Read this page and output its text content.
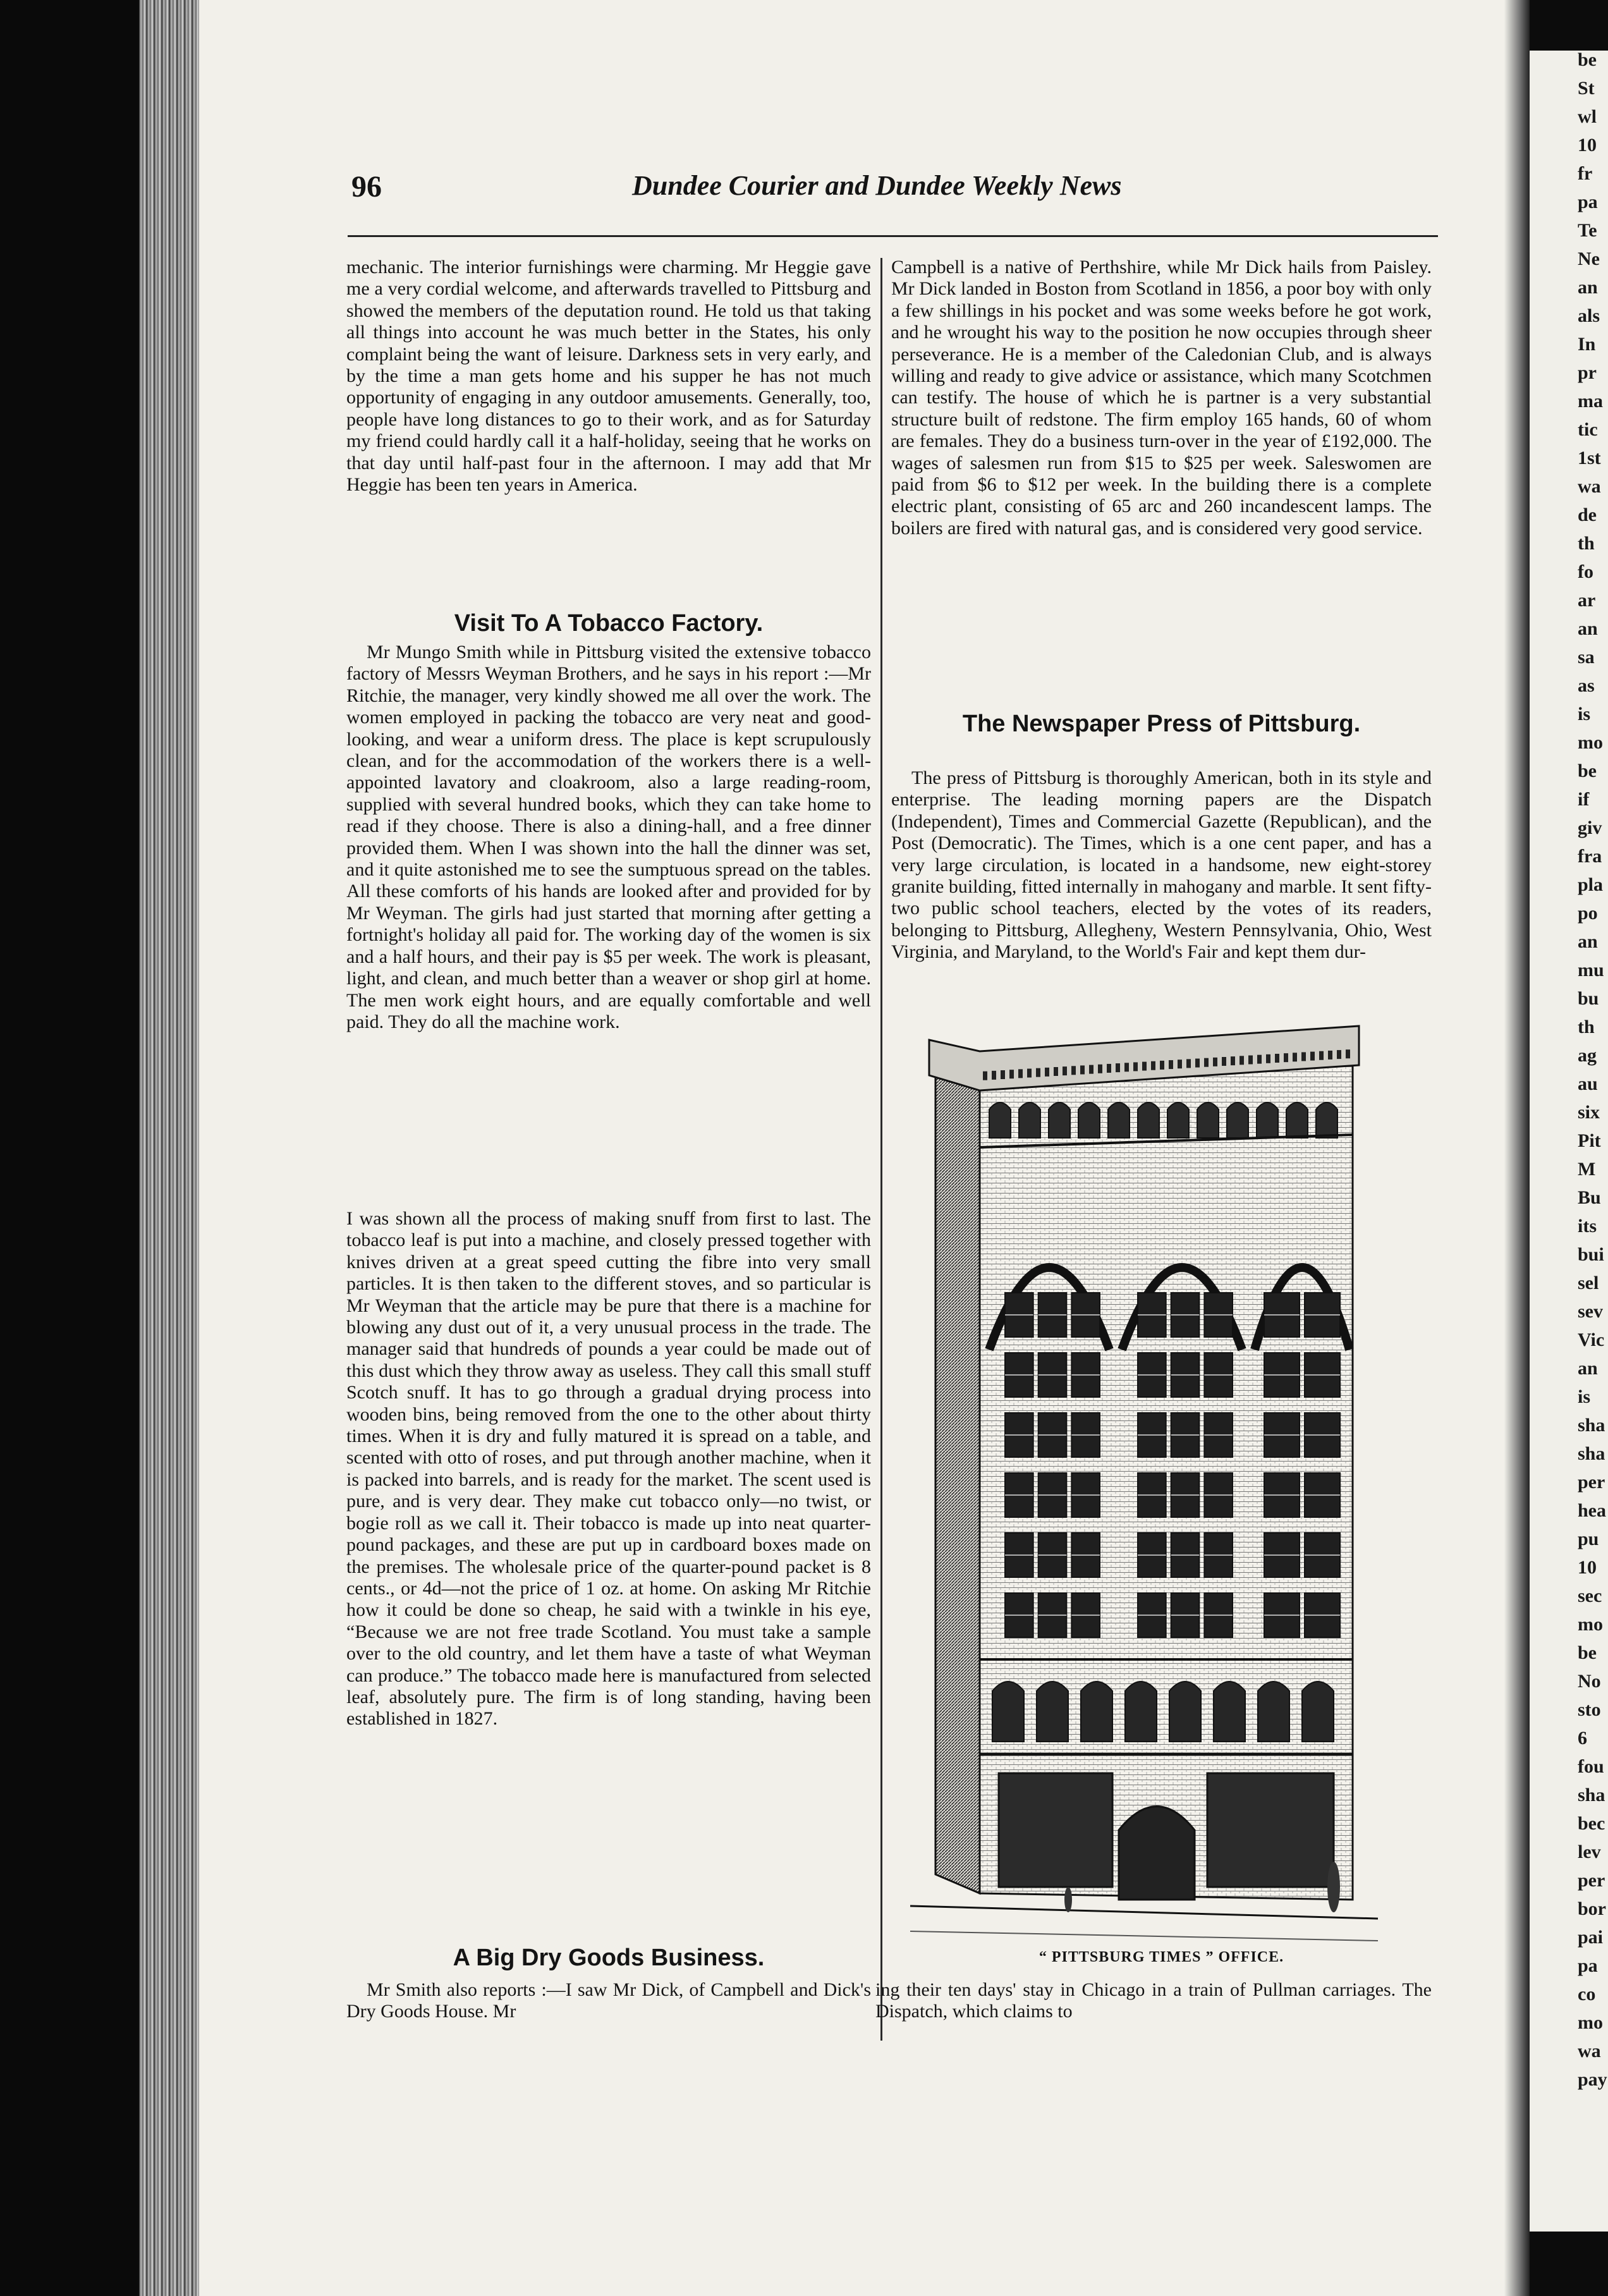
be
St
wl
10
fr
pa
Te
Ne
an
als
In
pr
ma
tic
1st
wa
de
th
fo
ar
an
sa
as
is
mo
be
if
giv
fra
pla
po
an
mu
bu
th
ag
au
six
Pit
M
Bu
its
bui
sel
sev
Vic
an
is
sha
sha
per
hea
pu
10
sec
mo
be
No
sto
6
fou
sha
bec
lev
per
bor
pai
pa
co
mo
wa
pay
96	Dundee Courier and Dundee Weekly News

mechanic. The interior furnishings were charming. Mr Heggie gave me a very cordial welcome, and afterwards travelled to Pittsburg and showed the members of the deputation round. He told us that taking all things into account he was much better in the States, his only complaint being the want of leisure. Darkness sets in very early, and by the time a man gets home and his supper he has not much opportunity of engaging in any outdoor amusements. Generally, too, people have long distances to go to their work, and as for Saturday my friend could hardly call it a half-holiday, seeing that he works on that day until half-past four in the afternoon. I may add that Mr Heggie has been ten years in America.

Visit To A Tobacco Factory.

Mr Mungo Smith while in Pittsburg visited the extensive tobacco factory of Messrs Weyman Brothers, and he says in his report :—Mr Ritchie, the manager, very kindly showed me all over the work. The women employed in packing the tobacco are very neat and good-looking, and wear a uniform dress. The place is kept scrupulously clean, and for the accommodation of the workers there is a well-appointed lavatory and cloakroom, also a large reading-room, supplied with several hundred books, which they can take home to read if they choose. There is also a dining-hall, and a free dinner provided them. When I was shown into the hall the dinner was set, and it quite astonished me to see the sumptuous spread on the tables. All these comforts of his hands are looked after and provided for by Mr Weyman. The girls had just started that morning after getting a fortnight's holiday all paid for. The working day of the women is six and a half hours, and their pay is $5 per week. The work is pleasant, light, and clean, and much better than a weaver or shop girl at home. The men work eight hours, and are equally comfortable and well paid. They do all the machine work.

I was shown all the process of making snuff from first to last. The tobacco leaf is put into a machine, and closely pressed together with knives driven at a great speed cutting the fibre into very small particles. It is then taken to the different stoves, and so particular is Mr Weyman that the article may be pure that there is a machine for blowing any dust out of it, a very unusual process in the trade. The manager said that hundreds of pounds a year could be made out of this dust which they throw away as useless. They call this small stuff Scotch snuff. It has to go through a gradual drying process into wooden bins, being removed from the one to the other about thirty times. When it is dry and fully matured it is spread on a table, and scented with otto of roses, and put through another machine, when it is packed into barrels, and is ready for the market. The scent used is pure, and is very dear. They make cut tobacco only—no twist, or bogie roll as we call it. Their tobacco is made up into neat quarter-pound packages, and these are put up in cardboard boxes made on the premises. The wholesale price of the quarter-pound packet is 8 cents., or 4d—not the price of 1 oz. at home. On asking Mr Ritchie how it could be done so cheap, he said with a twinkle in his eye, “Because we are not free trade Scotland. You must take a sample over to the old country, and let them have a taste of what Weyman can produce.” The tobacco made here is manufactured from selected leaf, absolutely pure. The firm is of long standing, having been established in 1827.

A Big Dry Goods Business.

Mr Smith also reports :—I saw Mr Dick, of Campbell and Dick's Dry Goods House. Mr

Campbell is a native of Perthshire, while Mr Dick hails from Paisley. Mr Dick landed in Boston from Scotland in 1856, a poor boy with only a few shillings in his pocket and was some weeks before he got work, and he wrought his way to the position he now occupies through sheer perseverance. He is a member of the Caledonian Club, and is always willing and ready to give advice or assistance, which many Scotchmen can testify. The house of which he is partner is a very substantial structure built of redstone. The firm employ 165 hands, 60 of whom are females. They do a business turn-over in the year of £192,000. The wages of salesmen run from $15 to $25 per week. Saleswomen are paid from $6 to $12 per week. In the building there is a complete electric plant, consisting of 65 arc and 260 incandescent lamps. The boilers are fired with natural gas, and is considered very good service.

The Newspaper Press of Pittsburg.

The press of Pittsburg is thoroughly American, both in its style and enterprise. The leading morning papers are the Dispatch (Independent), Times and Commercial Gazette (Republican), and the Post (Democratic). The Times, which is a one cent paper, and has a very large circulation, is located in a handsome, new eight-storey granite building, fitted internally in mahogany and marble. It sent fifty-two public school teachers, elected by the votes of its readers, belonging to Pittsburg, Allegheny, Western Pennsylvania, Ohio, West Virginia, and Maryland, to the World's Fair and kept them dur-

“ PITTSBURG TIMES ” OFFICE.

ing their ten days' stay in Chicago in a train of Pullman carriages. The Dispatch, which claims to
